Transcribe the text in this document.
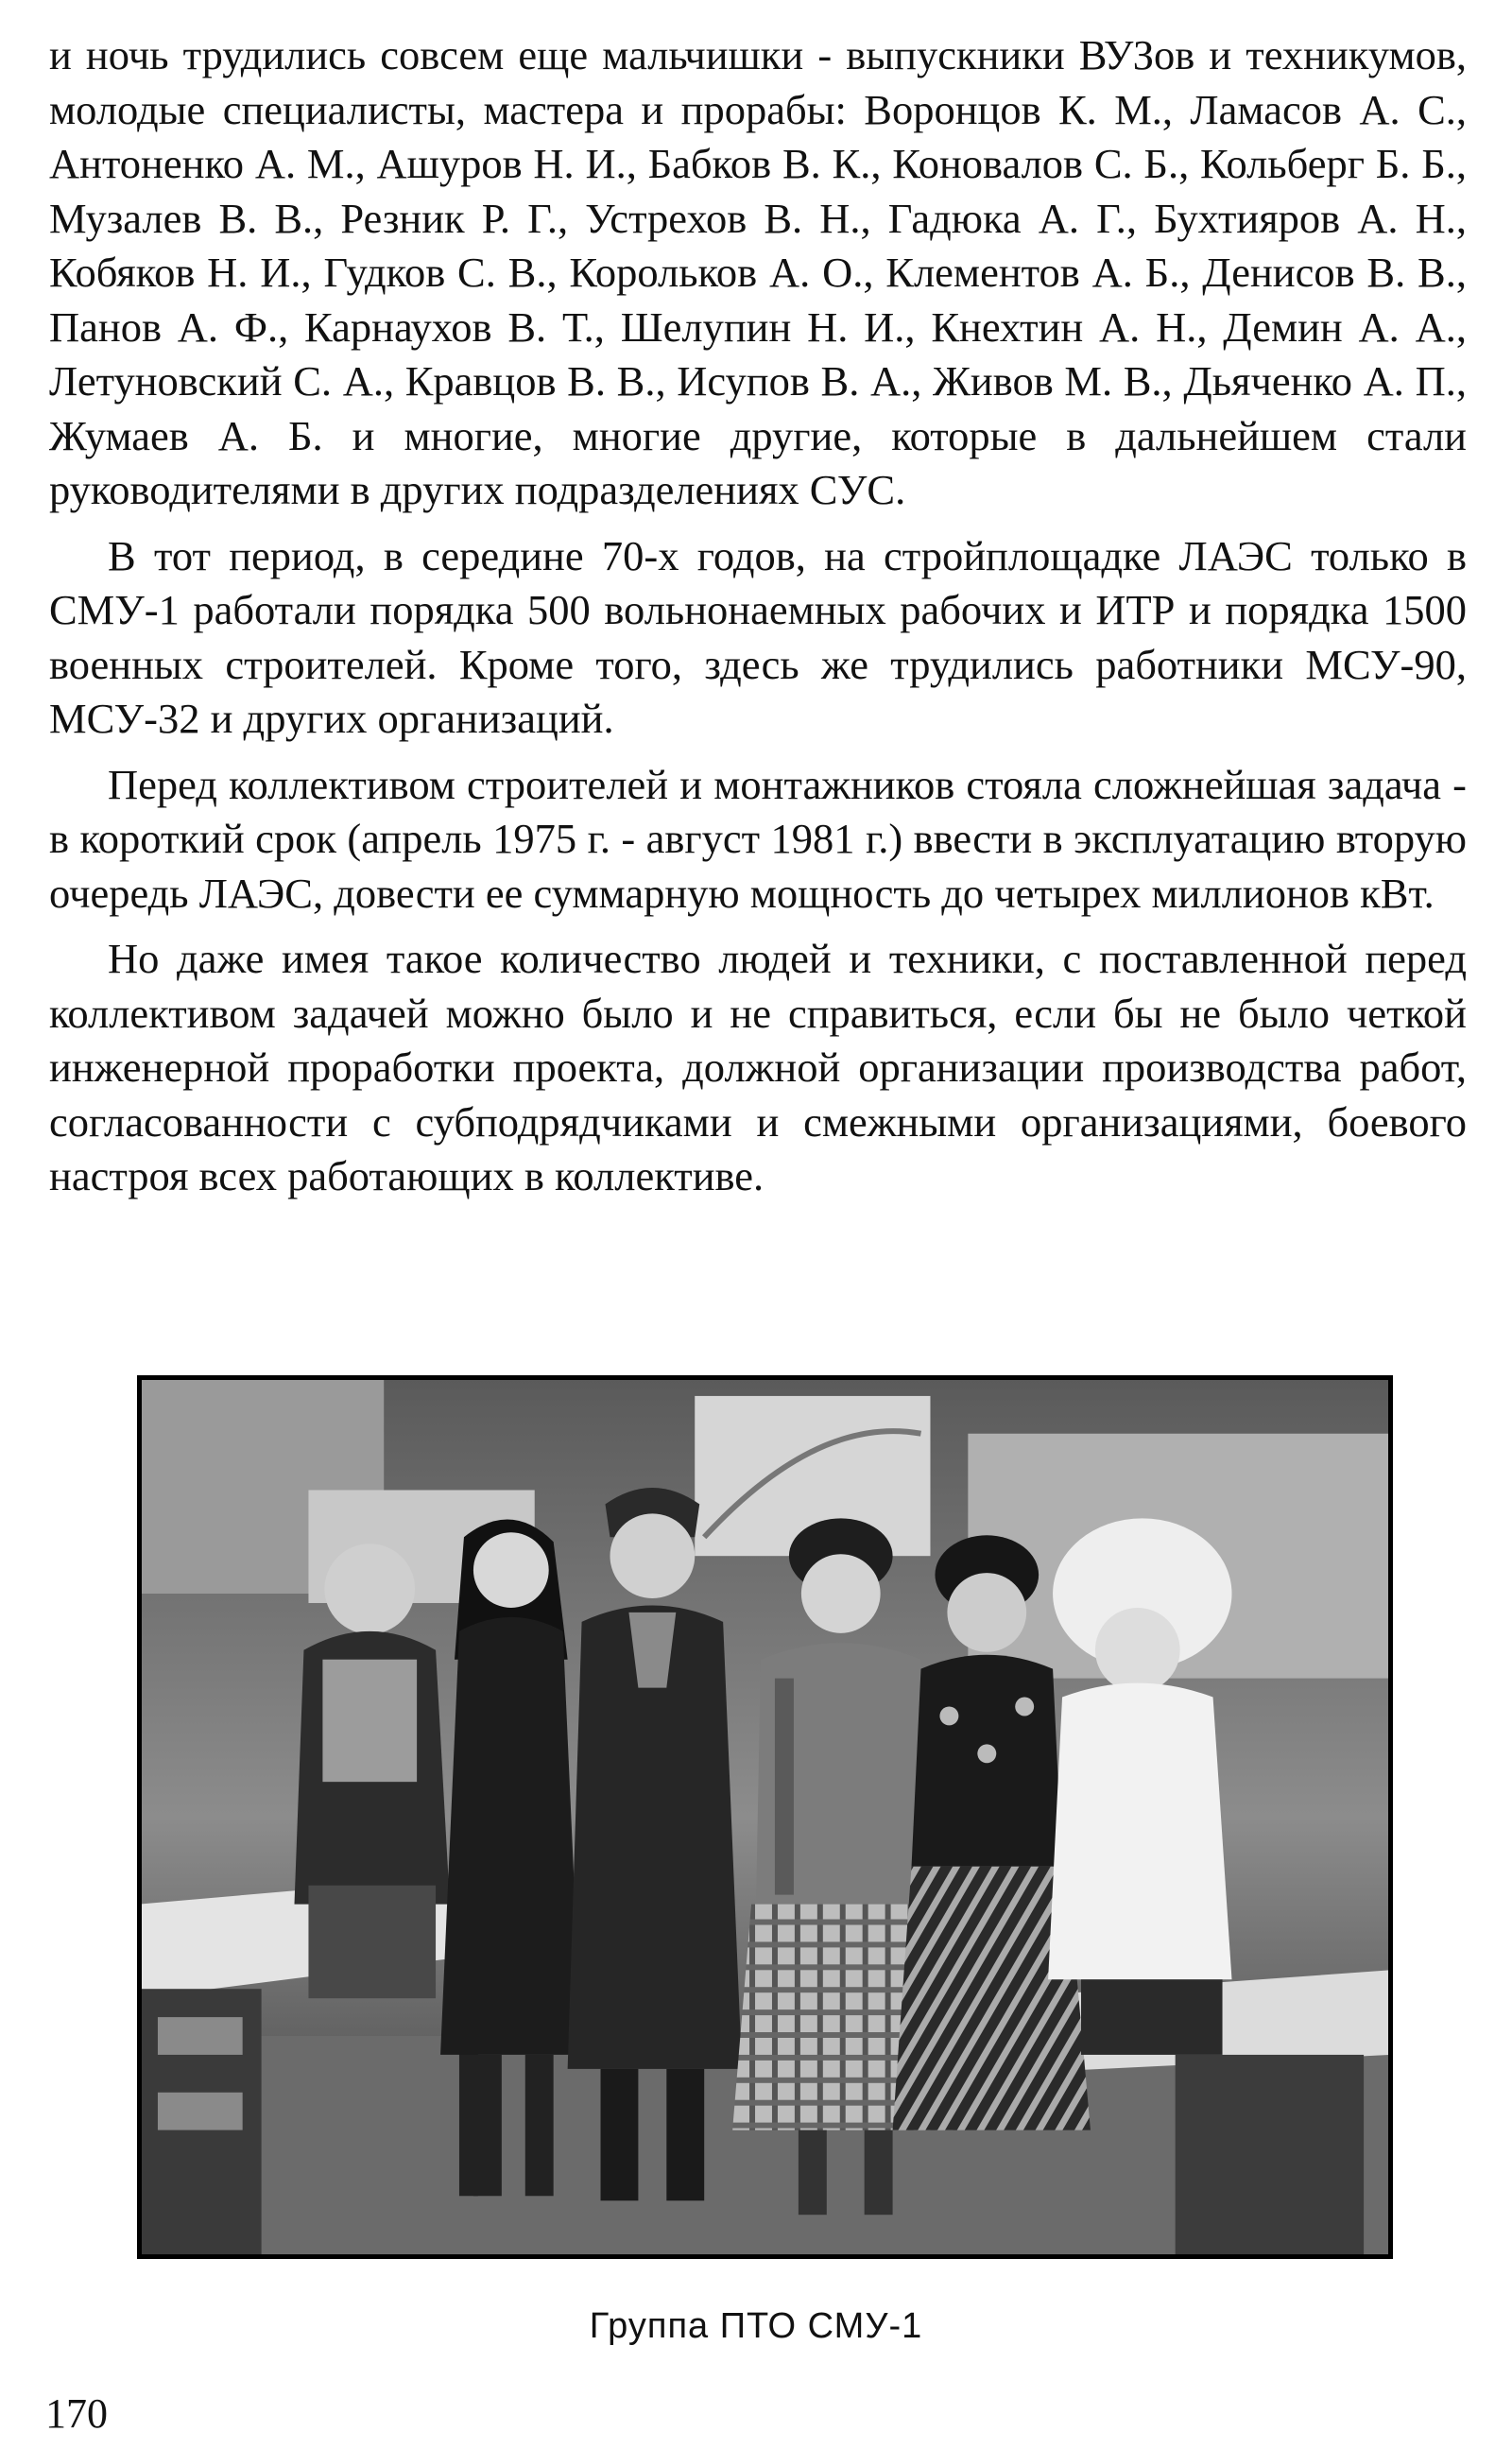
и ночь трудились совсем еще мальчишки - выпускники ВУЗов и техникумов, молодые специалисты, мастера и прорабы: Воронцов К. М., Ламасов А. С., Антоненко А. М., Ашуров Н. И., Бабков В. К., Коновалов С. Б., Кольберг Б. Б., Музалев В. В., Резник Р. Г., Устрехов В. Н., Гадюка А. Г., Бухтияров А. Н., Кобяков Н. И., Гудков С. В., Корольков А. О., Клементов А. Б., Денисов В. В., Панов А. Ф., Карнаухов В. Т., Шелупин Н. И., Кнехтин А. Н., Демин А. А., Летуновский С. А., Кравцов В. В., Исупов В. А., Живов М. В., Дьяченко А. П., Жумаев А. Б. и многие, многие другие, которые в дальнейшем стали руководителями в других подразделениях СУС.

В тот период, в середине 70-х годов, на стройплощадке ЛАЭС только в СМУ-1 работали порядка 500 вольнонаемных рабочих и ИТР и порядка 1500 военных строителей. Кроме того, здесь же трудились работники МСУ-90, МСУ-32 и других организаций.

Перед коллективом строителей и монтажников стояла сложнейшая задача - в короткий срок (апрель 1975 г. - август 1981 г.) ввести в эксплуатацию вторую очередь ЛАЭС, довести ее суммарную мощность до четырех миллионов кВт.

Но даже имея такое количество людей и техники, с поставленной перед коллективом задачей можно было и не справиться, если бы не было четкой инженерной проработки проекта, должной организации производства работ, согласованности с субподрядчиками и смежными организациями, боевого настроя всех работающих в коллективе.

Группа ПТО СМУ-1
170
